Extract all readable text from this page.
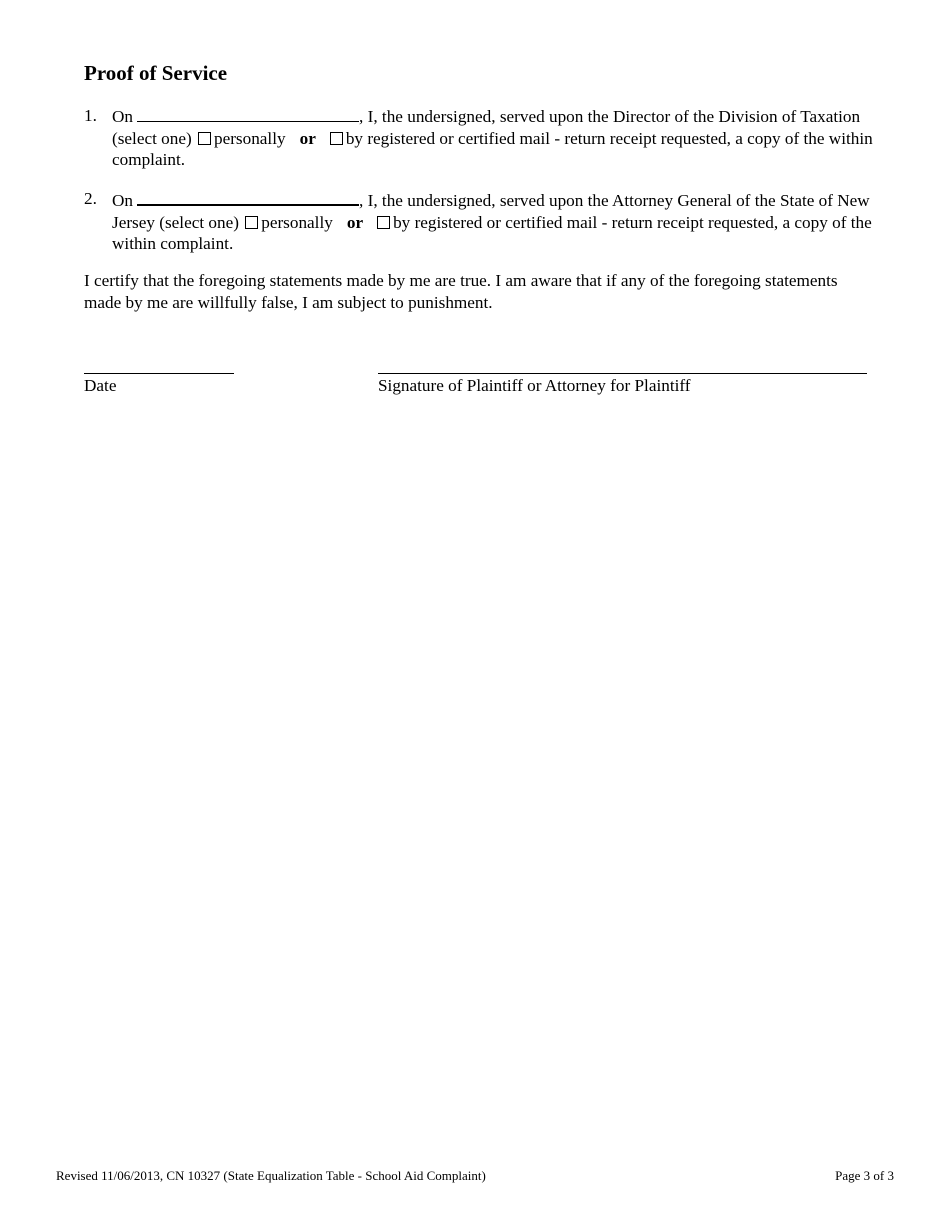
Proof of Service
1. On	, I, the undersigned, served upon the Director of the Division of Taxation (select one) personally or by registered or certified mail - return receipt requested, a copy of the within complaint.
2. On	, I, the undersigned, served upon the Attorney General of the State of New Jersey (select one) personally or by registered or certified mail - return receipt requested, a copy of the within complaint.

I certify that the foregoing statements made by me are true. I am aware that if any of the foregoing statements made by me are willfully false, I am subject to punishment.

Date	Signature of Plaintiff or Attorney for Plaintiff
Revised 11/06/2013, CN 10327 (State Equalization Table - School Aid Complaint)	Page 3 of 3
